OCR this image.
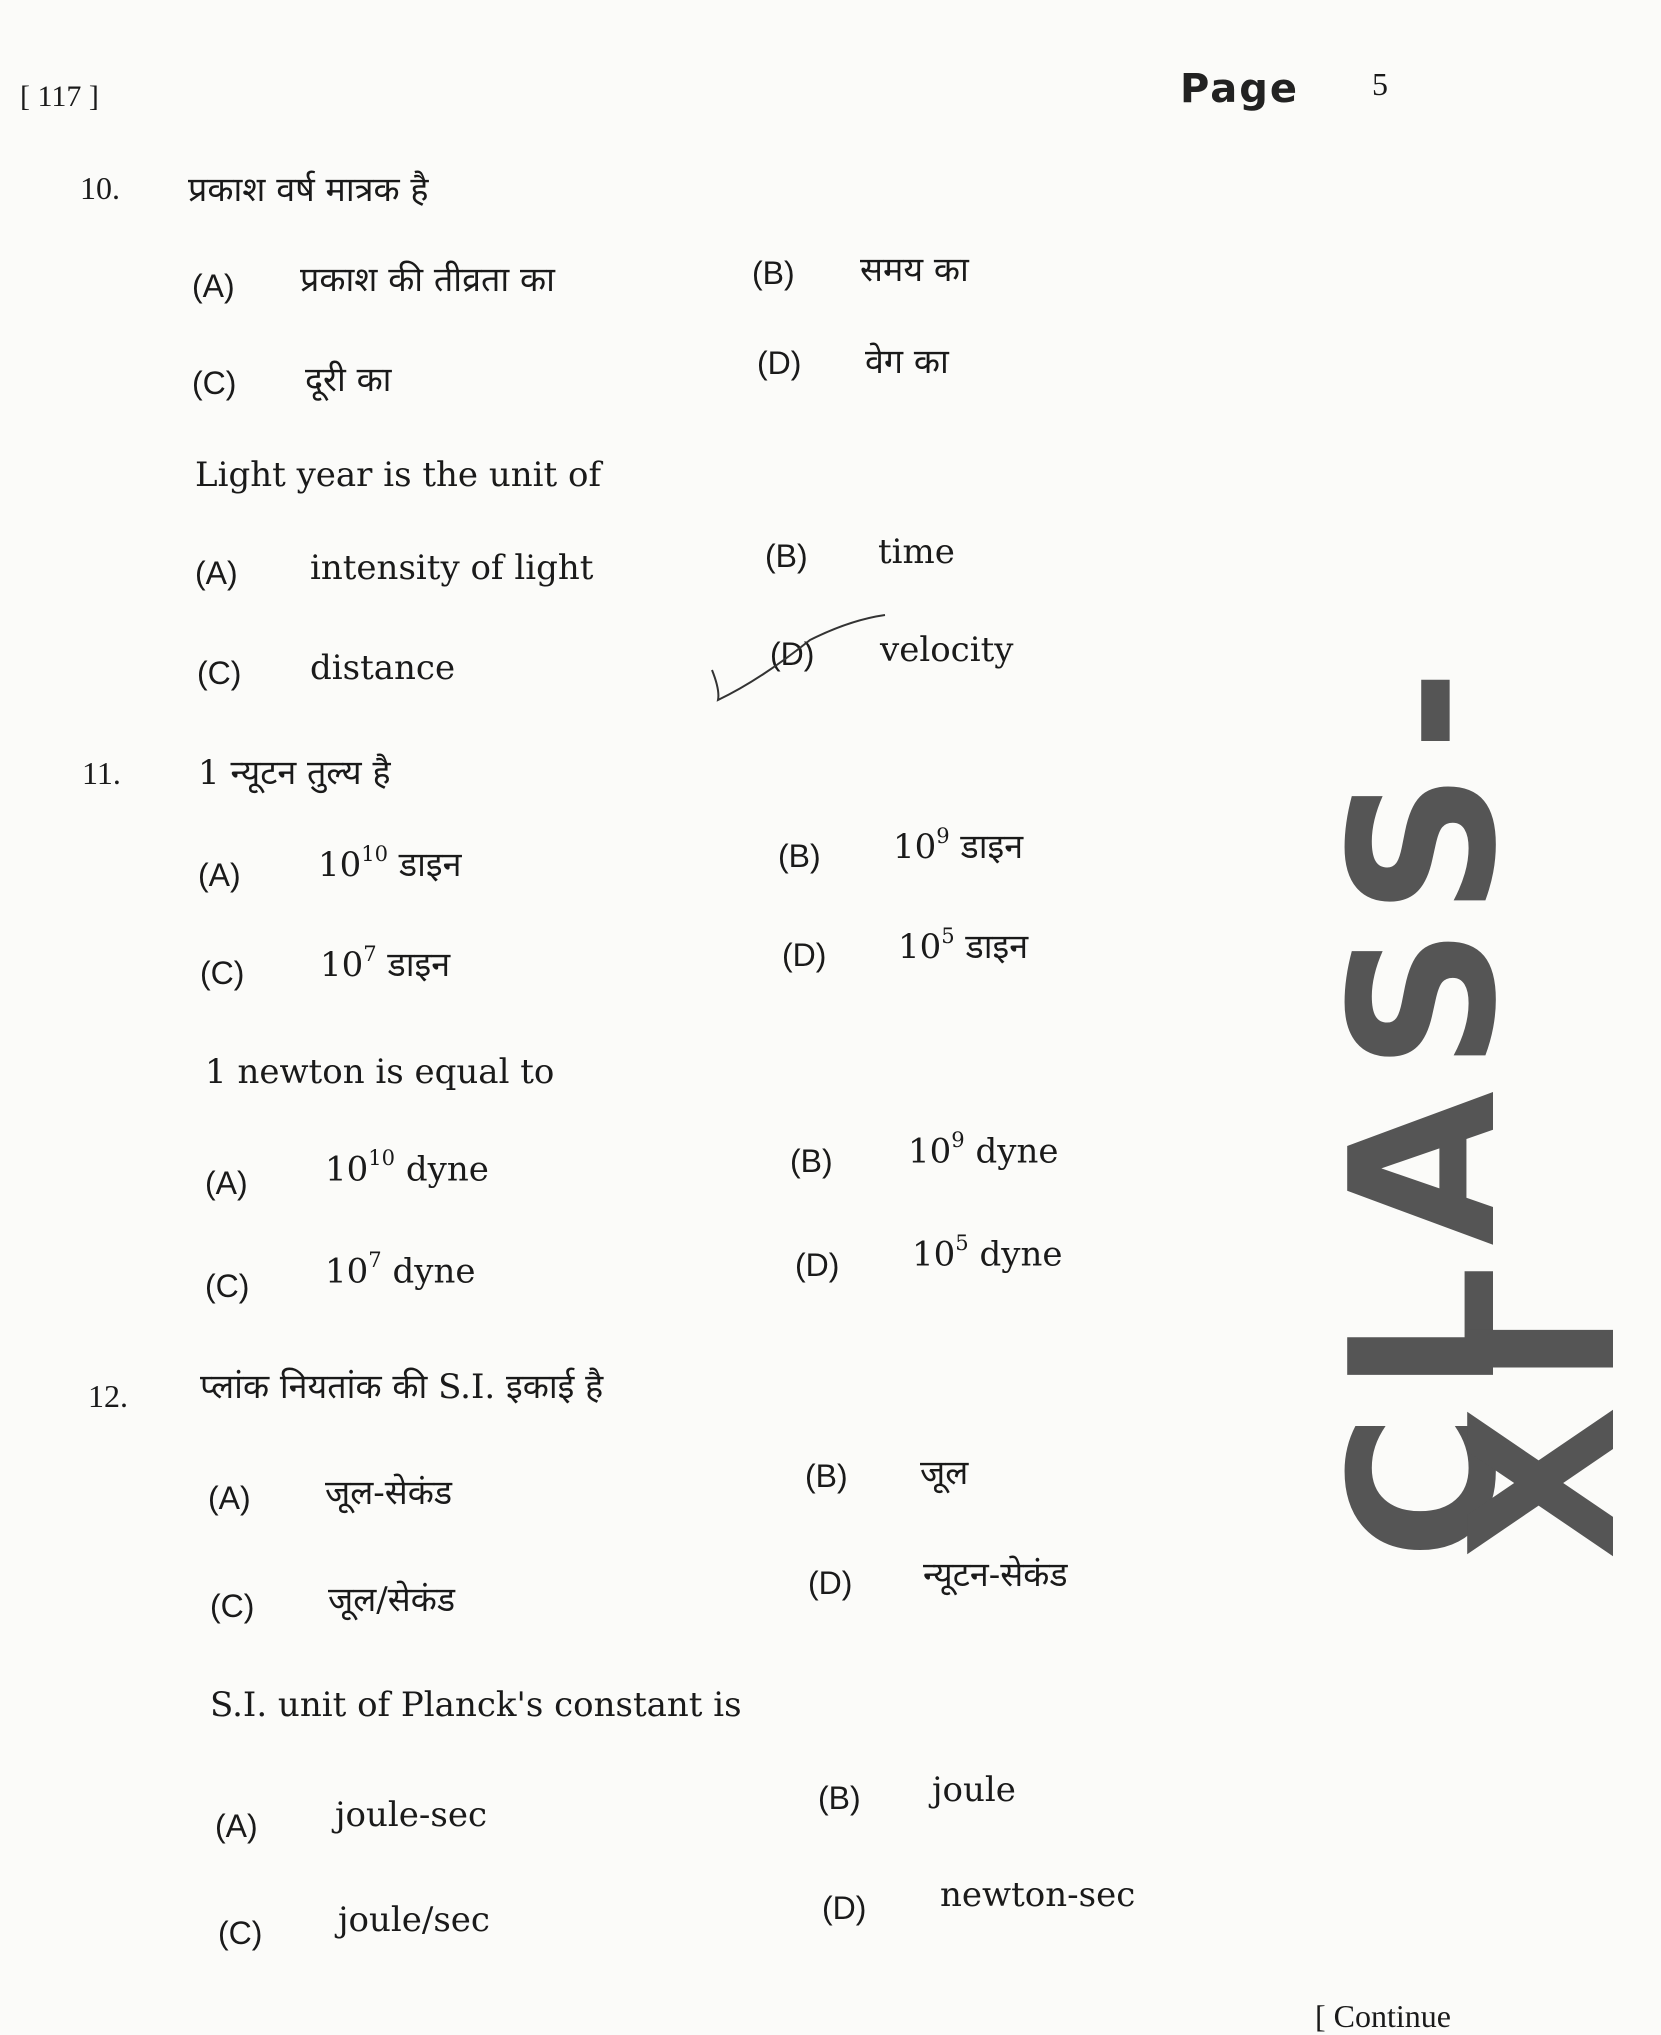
[ 117 ]	Page 5
CLASS-XI
10. प्रकाश वर्ष मात्रक है
(A) प्रकाश की तीव्रता का	(B) समय का
(C) दूरी का	(D) वेग का
Light year is the unit of
(A) intensity of light	(B) time
(C) distance	(D) velocity
11. 1 न्यूटन तुल्य है
(A) $10^{10}$ डाइन	(B) $10^9$ डाइन
(C) $10^7$ डाइन	(D) $10^5$ डाइन
1 newton is equal to
(A) $10^{10}$ dyne	(B) $10^9$ dyne
(C) $10^7$ dyne	(D) $10^5$ dyne
12. प्लांक नियतांक की S.I. इकाई है
(A) जूल-सेकंड	(B) जूल
(C) जूल/सेकंड	(D) न्यूटन-सेकंड
S.I. unit of Planck's constant is
(A) joule-sec	(B) joule
(C) joule/sec	(D) newton-sec
[ Continue
